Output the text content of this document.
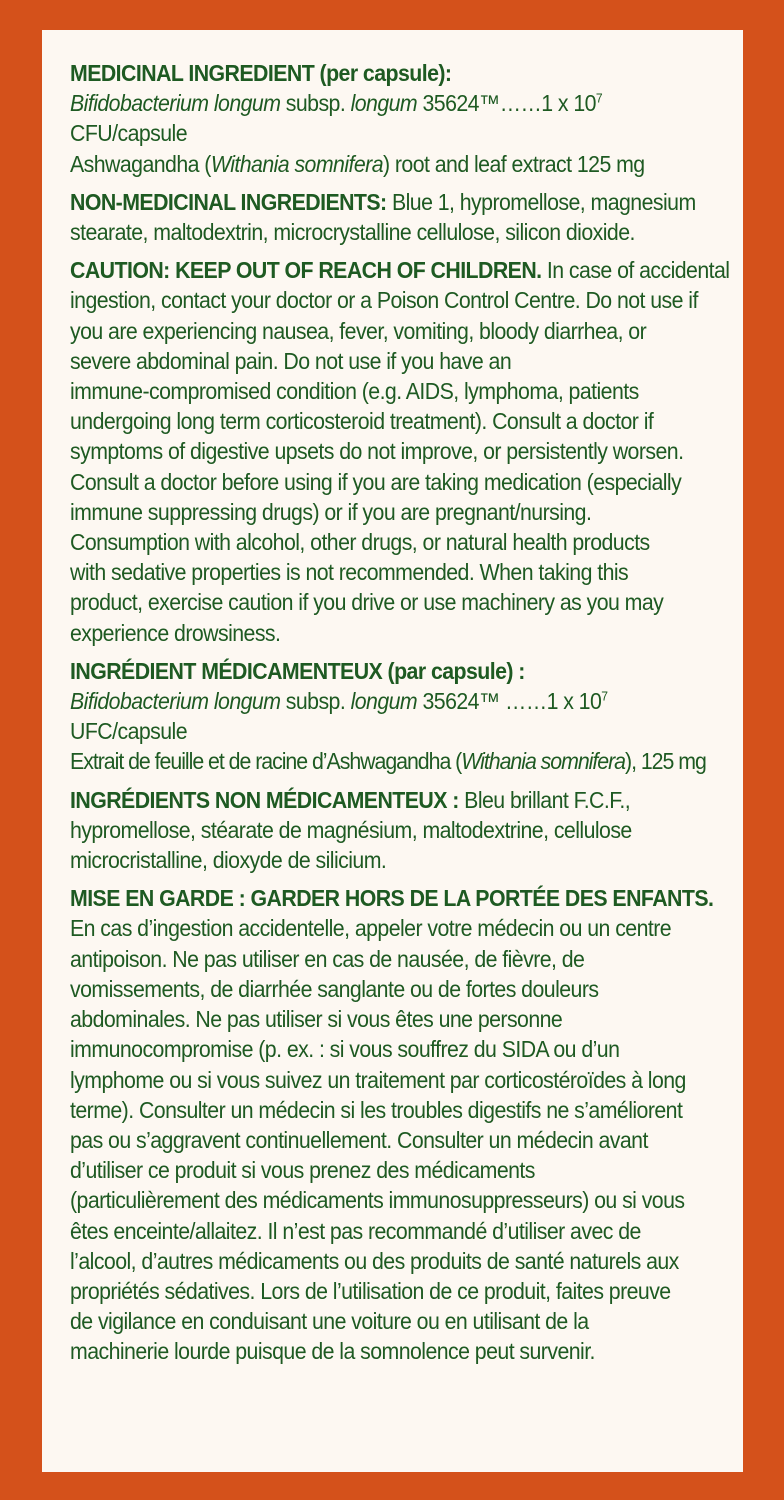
MEDICINAL INGREDIENT (per capsule):
Bifidobacterium longum subsp. longum 35624™……1 x $10^7$
CFU/capsule
Ashwagandha (Withania somnifera) root and leaf extract 125 mg
NON-MEDICINAL INGREDIENTS: Blue 1, hypromellose, magnesium
stearate, maltodextrin, microcrystalline cellulose, silicon dioxide.
CAUTION: KEEP OUT OF REACH OF CHILDREN. In case of accidental
ingestion, contact your doctor or a Poison Control Centre. Do not use if
you are experiencing nausea, fever, vomiting, bloody diarrhea, or
severe abdominal pain. Do not use if you have an
immune-compromised condition (e.g. AIDS, lymphoma, patients
undergoing long term corticosteroid treatment). Consult a doctor if
symptoms of digestive upsets do not improve, or persistently worsen.
Consult a doctor before using if you are taking medication (especially
immune suppressing drugs) or if you are pregnant/nursing.
Consumption with alcohol, other drugs, or natural health products
with sedative properties is not recommended. When taking this
product, exercise caution if you drive or use machinery as you may
experience drowsiness.
INGRÉDIENT MÉDICAMENTEUX (par capsule) :
Bifidobacterium longum subsp. longum 35624™ ……1 x $10^7$
UFC/capsule
Extrait de feuille et de racine d’Ashwagandha (Withania somnifera), 125 mg
INGRÉDIENTS NON MÉDICAMENTEUX : Bleu brillant F.C.F.,
hypromellose, stéarate de magnésium, maltodextrine, cellulose
microcristalline, dioxyde de silicium.
MISE EN GARDE : GARDER HORS DE LA PORTÉE DES ENFANTS.
En cas d’ingestion accidentelle, appeler votre médecin ou un centre
antipoison. Ne pas utiliser en cas de nausée, de fièvre, de
vomissements, de diarrhée sanglante ou de fortes douleurs
abdominales. Ne pas utiliser si vous êtes une personne
immunocompromise (p. ex. : si vous souffrez du SIDA ou d’un
lymphome ou si vous suivez un traitement par corticostéroïdes à long
terme). Consulter un médecin si les troubles digestifs ne s’améliorent
pas ou s’aggravent continuellement. Consulter un médecin avant
d’utiliser ce produit si vous prenez des médicaments
(particulièrement des médicaments immunosuppresseurs) ou si vous
êtes enceinte/allaitez. Il n’est pas recommandé d’utiliser avec de
l’alcool, d’autres médicaments ou des produits de santé naturels aux
propriétés sédatives. Lors de l’utilisation de ce produit, faites preuve
de vigilance en conduisant une voiture ou en utilisant de la
machinerie lourde puisque de la somnolence peut survenir.
